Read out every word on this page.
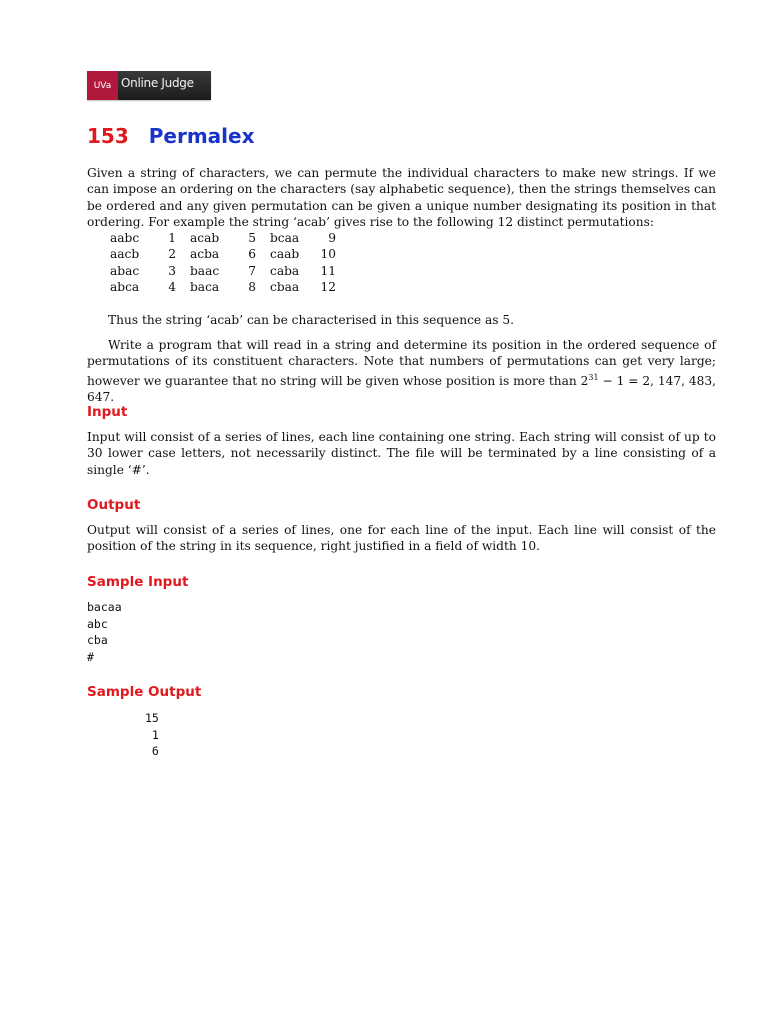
UVa Online Judge
153 Permalex

Given a string of characters, we can permute the individual characters to make new strings. If we can impose an ordering on the characters (say alphabetic sequence), then the strings themselves can be ordered and any given permutation can be given a unique number designating its position in that ordering. For example the string ‘acab’ gives rise to the following 12 distinct permutations:

aabc	1	acab	5	bcaa	9
aacb	2	acba	6	caab	10
abac	3	baac	7	caba	11
abca	4	baca	8	cbaa	12

Thus the string ‘acab’ can be characterised in this sequence as 5.

Write a program that will read in a string and determine its position in the ordered sequence of permutations of its constituent characters. Note that numbers of permutations can get very large; however we guarantee that no string will be given whose position is more than $2^{31} - 1 = 2$, 147, 483, 647.

Input

Input will consist of a series of lines, each line containing one string. Each string will consist of up to 30 lower case letters, not necessarily distinct. The file will be terminated by a line consisting of a single ‘#’.

Output

Output will consist of a series of lines, one for each line of the input. Each line will consist of the position of the string in its sequence, right justified in a field of width 10.

Sample Input
bacaa
abc
cba
#
Sample Output
15
1
6
